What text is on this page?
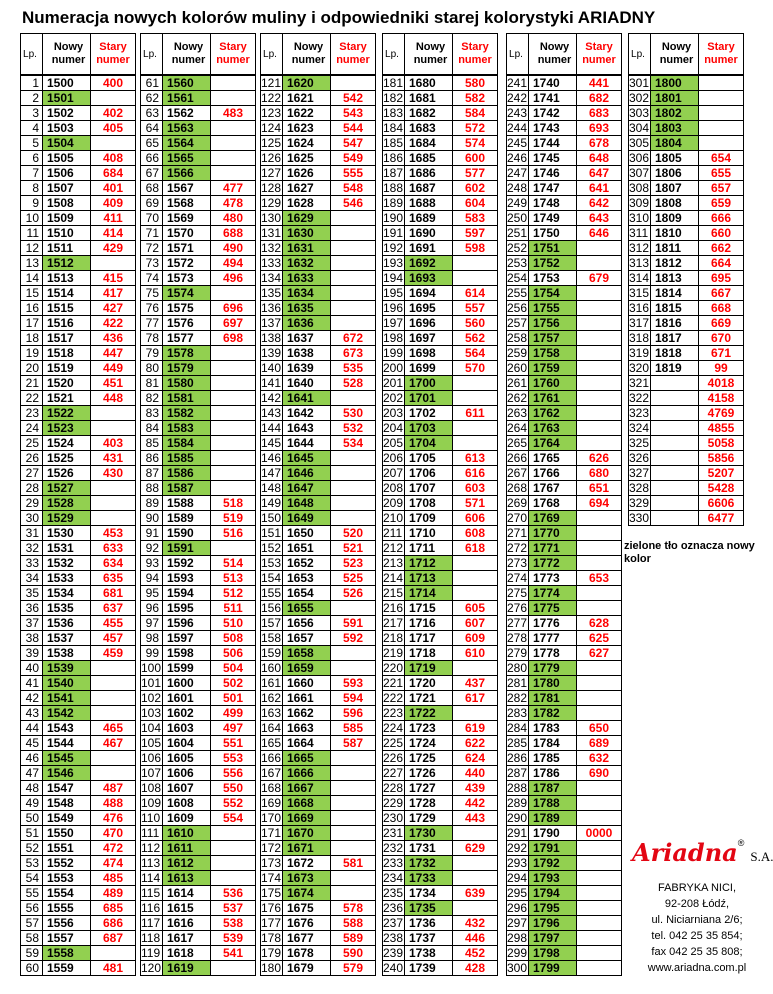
Numeracja nowych kolorów muliny i odpowiedniki starej kolorystyki ARIADNY
Lp.	Nowy numer	Stary numer
1	1500	400
2	1501	
3	1502	402
4	1503	405
5	1504	
6	1505	408
7	1506	684
8	1507	401
9	1508	409
10	1509	411
11	1510	414
12	1511	429
13	1512	
14	1513	415
15	1514	417
16	1515	427
17	1516	422
18	1517	436
19	1518	447
20	1519	449
21	1520	451
22	1521	448
23	1522	
24	1523	
25	1524	403
26	1525	431
27	1526	430
28	1527	
29	1528	
30	1529	
31	1530	453
32	1531	633
33	1532	634
34	1533	635
35	1534	681
36	1535	637
37	1536	455
38	1537	457
39	1538	459
40	1539	
41	1540	
42	1541	
43	1542	
44	1543	465
45	1544	467
46	1545	
47	1546	
48	1547	487
49	1548	488
50	1549	476
51	1550	470
52	1551	472
53	1552	474
54	1553	485
55	1554	489
56	1555	685
57	1556	686
58	1557	687
59	1558	
60	1559	481
Lp.	Nowy numer	Stary numer
61	1560	
62	1561	
63	1562	483
64	1563	
65	1564	
66	1565	
67	1566	
68	1567	477
69	1568	478
70	1569	480
71	1570	688
72	1571	490
73	1572	494
74	1573	496
75	1574	
76	1575	696
77	1576	697
78	1577	698
79	1578	
80	1579	
81	1580	
82	1581	
83	1582	
84	1583	
85	1584	
86	1585	
87	1586	
88	1587	
89	1588	518
90	1589	519
91	1590	516
92	1591	
93	1592	514
94	1593	513
95	1594	512
96	1595	511
97	1596	510
98	1597	508
99	1598	506
100	1599	504
101	1600	502
102	1601	501
103	1602	499
104	1603	497
105	1604	551
106	1605	553
107	1606	556
108	1607	550
109	1608	552
110	1609	554
111	1610	
112	1611	
113	1612	
114	1613	
115	1614	536
116	1615	537
117	1616	538
118	1617	539
119	1618	541
120	1619	
Lp.	Nowy numer	Stary numer
121	1620	
122	1621	542
123	1622	543
124	1623	544
125	1624	547
126	1625	549
127	1626	555
128	1627	548
129	1628	546
130	1629	
131	1630	
132	1631	
133	1632	
134	1633	
135	1634	
136	1635	
137	1636	
138	1637	672
139	1638	673
140	1639	535
141	1640	528
142	1641	
143	1642	530
144	1643	532
145	1644	534
146	1645	
147	1646	
148	1647	
149	1648	
150	1649	
151	1650	520
152	1651	521
153	1652	523
154	1653	525
155	1654	526
156	1655	
157	1656	591
158	1657	592
159	1658	
160	1659	
161	1660	593
162	1661	594
163	1662	596
164	1663	585
165	1664	587
166	1665	
167	1666	
168	1667	
169	1668	
170	1669	
171	1670	
172	1671	
173	1672	581
174	1673	
175	1674	
176	1675	578
177	1676	588
178	1677	589
179	1678	590
180	1679	579
Lp.	Nowy numer	Stary numer
181	1680	580
182	1681	582
183	1682	584
184	1683	572
185	1684	574
186	1685	600
187	1686	577
188	1687	602
189	1688	604
190	1689	583
191	1690	597
192	1691	598
193	1692	
194	1693	
195	1694	614
196	1695	557
197	1696	560
198	1697	562
199	1698	564
200	1699	570
201	1700	
202	1701	
203	1702	611
204	1703	
205	1704	
206	1705	613
207	1706	616
208	1707	603
209	1708	571
210	1709	606
211	1710	608
212	1711	618
213	1712	
214	1713	
215	1714	
216	1715	605
217	1716	607
218	1717	609
219	1718	610
220	1719	
221	1720	437
222	1721	617
223	1722	
224	1723	619
225	1724	622
226	1725	624
227	1726	440
228	1727	439
229	1728	442
230	1729	443
231	1730	
232	1731	629
233	1732	
234	1733	
235	1734	639
236	1735	
237	1736	432
238	1737	446
239	1738	452
240	1739	428
Lp.	Nowy numer	Stary numer
241	1740	441
242	1741	682
243	1742	683
244	1743	693
245	1744	678
246	1745	648
247	1746	647
248	1747	641
249	1748	642
250	1749	643
251	1750	646
252	1751	
253	1752	
254	1753	679
255	1754	
256	1755	
257	1756	
258	1757	
259	1758	
260	1759	
261	1760	
262	1761	
263	1762	
264	1763	
265	1764	
266	1765	626
267	1766	680
268	1767	651
269	1768	694
270	1769	
271	1770	
272	1771	
273	1772	
274	1773	653
275	1774	
276	1775	
277	1776	628
278	1777	625
279	1778	627
280	1779	
281	1780	
282	1781	
283	1782	
284	1783	650
285	1784	689
286	1785	632
287	1786	690
288	1787	
289	1788	
290	1789	
291	1790	0000
292	1791	
293	1792	
294	1793	
295	1794	
296	1795	
297	1796	
298	1797	
299	1798	
300	1799	
Lp.	Nowy numer	Stary numer
301	1800	
302	1801	
303	1802	
304	1803	
305	1804	
306	1805	654
307	1806	655
308	1807	657
309	1808	659
310	1809	666
311	1810	660
312	1811	662
313	1812	664
314	1813	695
315	1814	667
316	1815	668
317	1816	669
318	1817	670
319	1818	671
320	1819	99
321		4018
322		4158
323		4769
324		4855
325		5058
326		5856
327		5207
328		5428
329		6606
330		6477
zielone tło oznacza nowy kolor
Ariadna®S.A.
FABRYKA NICI,
92-208 Łódź,
ul. Niciarniana 2/6;
tel. 042 25 35 854;
fax 042 25 35 808;
www.ariadna.com.pl
